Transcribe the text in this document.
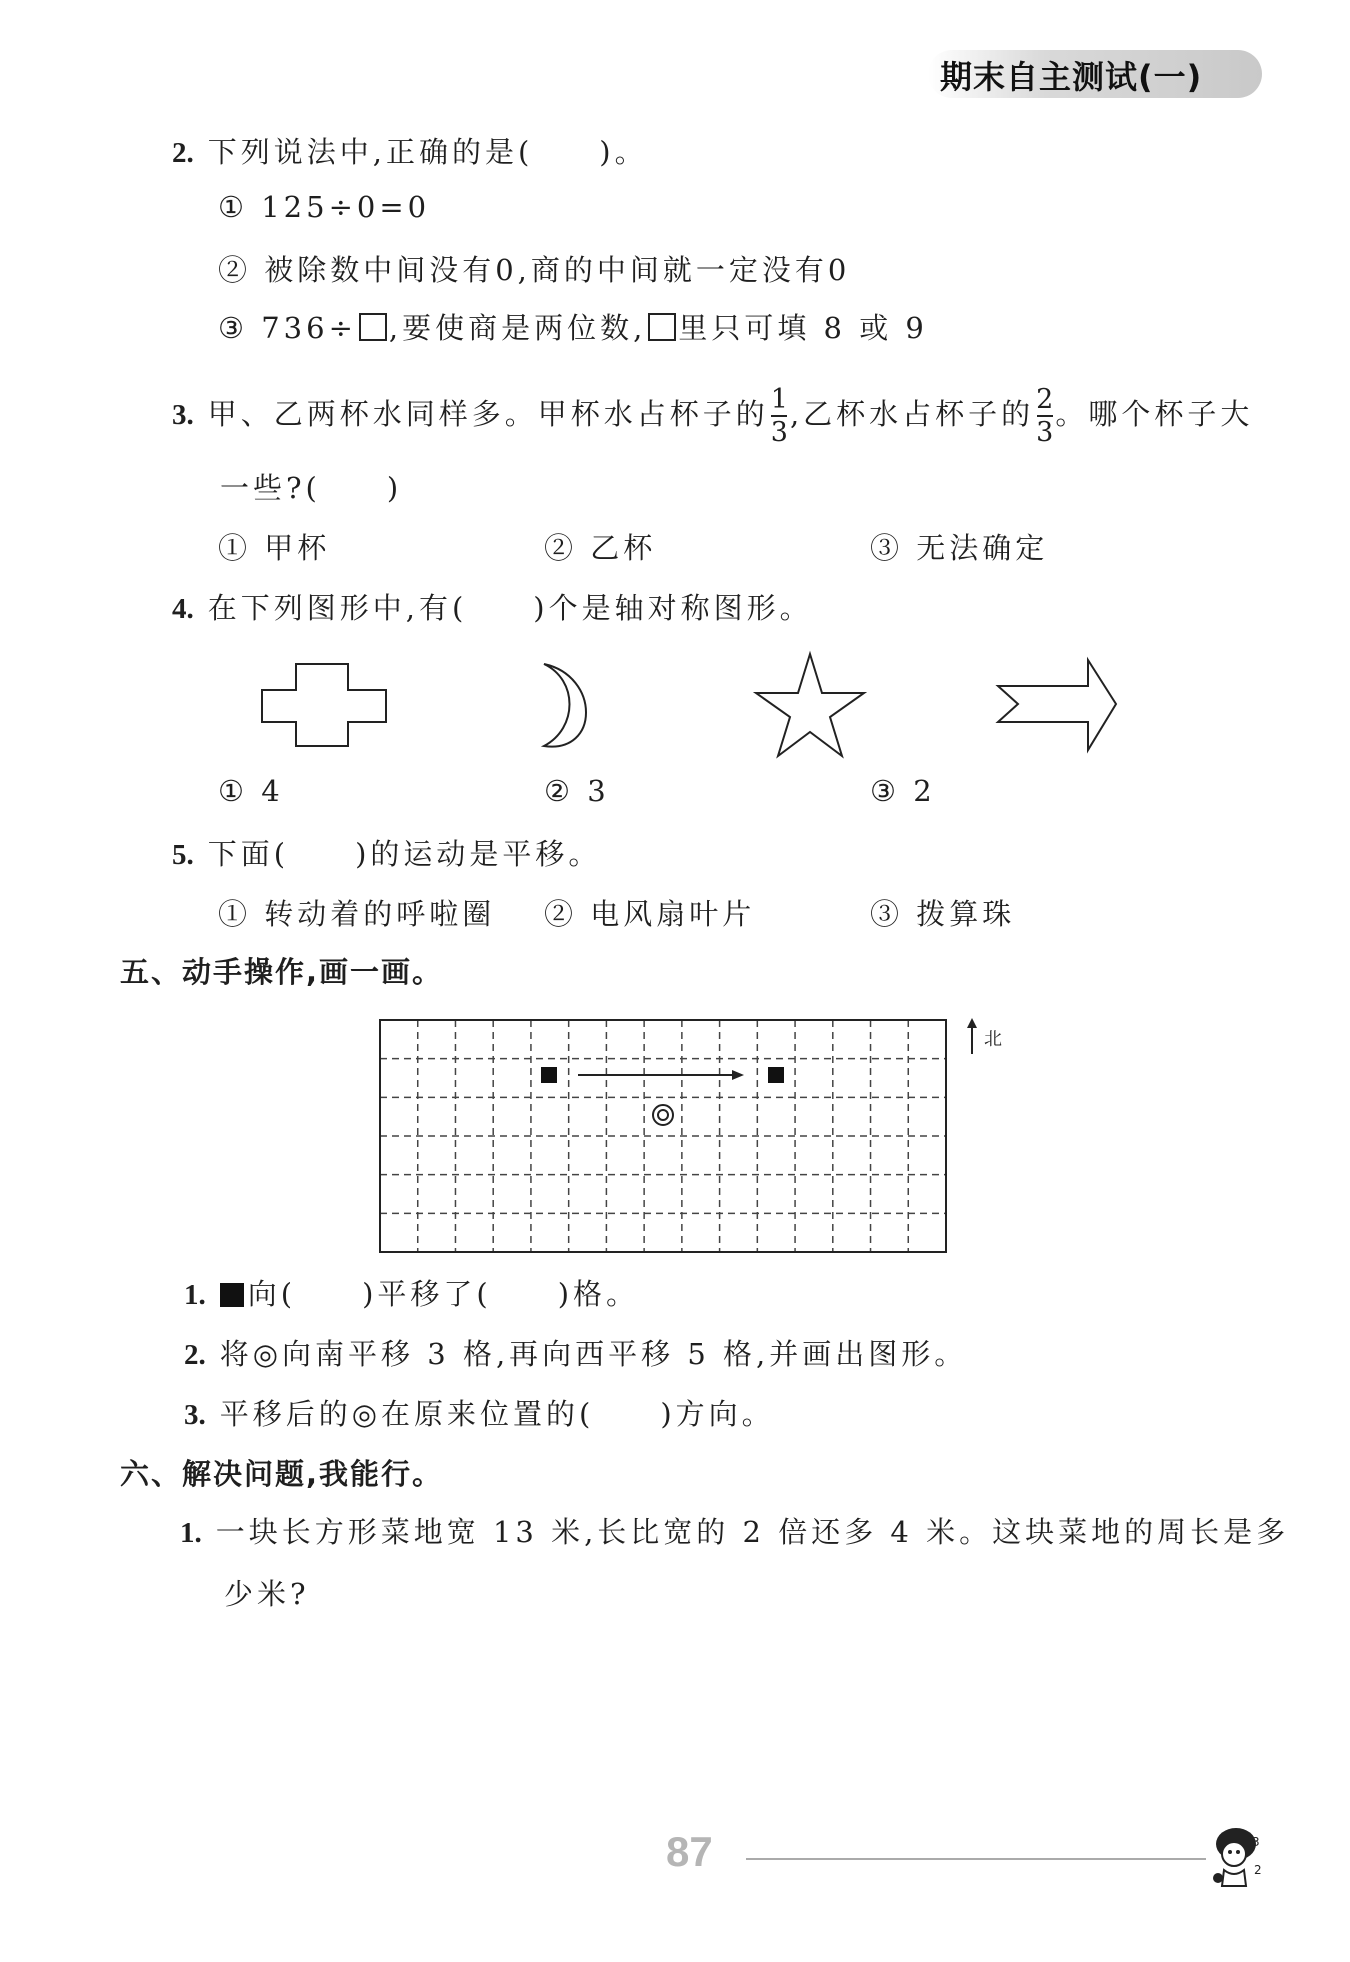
期末自主测试(一)
2. 下列说法中,正确的是(　　)。
① 125÷0=0
② 被除数中间没有0,商的中间就一定没有0
③ 736÷ ,要使商是两位数, 里只可填 8 或 9
3. 甲、乙两杯水同样多。甲杯水占杯子的 $\frac{1}{3}$ ,乙杯水占杯子的 $\frac{2}{3}$ 。哪个杯子大
一些?(　　)
① 甲杯	② 乙杯	③ 无法确定
4. 在下列图形中,有(　　)个是轴对称图形。
① 4	② 3	③ 2
5. 下面(　　)的运动是平移。
① 转动着的呼啦圈 ② 电风扇叶片	③ 拨算珠
五、动手操作,画一画。
北
1. 向(　　)平移了(　　)格。
2. 将◎向南平移 3 格,再向西平移 5 格,并画出图形。
3. 平移后的◎在原来位置的(　　)方向。
六、解决问题,我能行。
1. 一块长方形菜地宽 13 米,长比宽的 2 倍还多 4 米。这块菜地的周长是多
少米?
87	3
2
